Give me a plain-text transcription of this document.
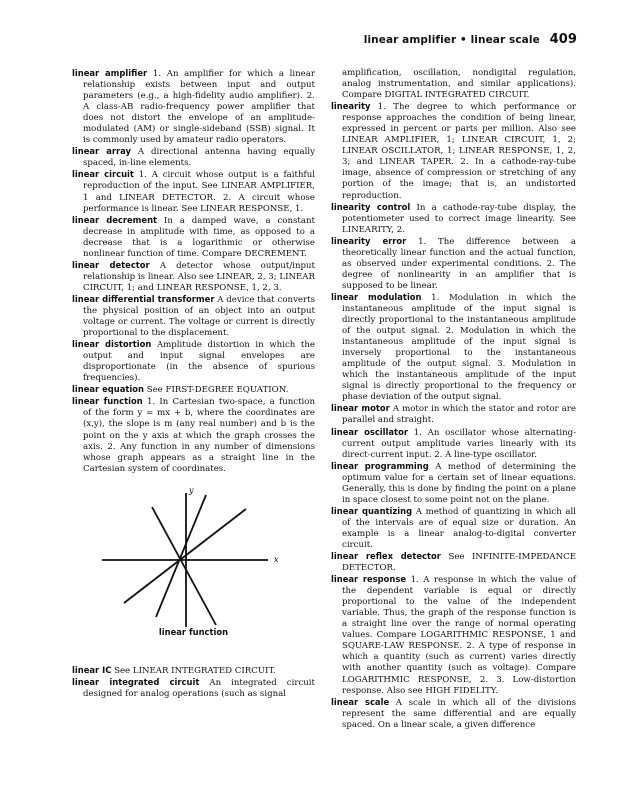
linear amplifier • linear scale 409

linear amplifier 1. An amplifier for which a linear relationship exists between input and output parameters (e.g., a high-fidelity audio amplifier). 2. A class-AB radio-frequency power amplifier that does not distort the envelope of an amplitude-modulated (AM) or single-sideband (SSB) signal. It is commonly used by amateur radio operators.

linear array A directional antenna having equally spaced, in-line elements.

linear circuit 1. A circuit whose output is a faithful reproduction of the input. See LINEAR AMPLIFIER, 1 and LINEAR DETECTOR. 2. A circuit whose performance is linear. See LINEAR RESPONSE, 1.

linear decrement In a damped wave, a constant decrease in amplitude with time, as opposed to a decrease that is a logarithmic or otherwise nonlinear function of time. Compare DECREMENT.

linear detector A detector whose output/input relationship is linear. Also see LINEAR, 2, 3; LINEAR CIRCUIT, 1; and LINEAR RESPONSE, 1, 2, 3.

linear differential transformer A device that converts the physical position of an object into an output voltage or current. The voltage or current is directly proportional to the displacement.

linear distortion Amplitude distortion in which the output and input signal envelopes are disproportionate (in the absence of spurious frequencies).

linear equation See FIRST-DEGREE EQUATION.

linear function 1. In Cartesian two-space, a function of the form y = mx + b, where the coordinates are (x,y), the slope is m (any real number) and b is the point on the y axis at which the graph crosses the axis. 2. Any function in any number of dimensions whose graph appears as a straight line in the Cartesian system of coordinates.

y
x
linear function

linear IC See LINEAR INTEGRATED CIRCUIT.

linear integrated circuit An integrated circuit designed for analog operations (such as signal

amplification, oscillation, nondigital regulation, analog instrumentation, and similar applications). Compare DIGITAL INTEGRATED CIRCUIT.

linearity 1. The degree to which performance or response approaches the condition of being linear, expressed in percent or parts per million. Also see LINEAR AMPLIFIER, 1; LINEAR CIRCUIT, 1, 2; LINEAR OSCILLATOR, 1; LINEAR RESPONSE, 1, 2, 3; and LINEAR TAPER. 2. In a cathode-ray-tube image, absence of compression or stretching of any portion of the image; that is, an undistorted reproduction.

linearity control In a cathode-ray-tube display, the potentiometer used to correct image linearity. See LINEARITY, 2.

linearity error 1. The difference between a theoretically linear function and the actual function, as observed under experimental conditions. 2. The degree of nonlinearity in an amplifier that is supposed to be linear.

linear modulation 1. Modulation in which the instantaneous amplitude of the input signal is directly proportional to the instantaneous amplitude of the output signal. 2. Modulation in which the instantaneous amplitude of the input signal is inversely proportional to the instantaneous amplitude of the output signal. 3. Modulation in which the instantaneous amplitude of the input signal is directly proportional to the frequency or phase deviation of the output signal.

linear motor A motor in which the stator and rotor are parallel and straight.

linear oscillator 1. An oscillator whose alternating-current output amplitude varies linearly with its direct-current input. 2. A line-type oscillator.

linear programming A method of determining the optimum value for a certain set of linear equations. Generally, this is done by finding the point on a plane in space closest to some point not on the plane.

linear quantizing A method of quantizing in which all of the intervals are of equal size or duration. An example is a linear analog-to-digital converter circuit.

linear reflex detector See INFINITE-IMPEDANCE DETECTOR.

linear response 1. A response in which the value of the dependent variable is equal or directly proportional to the value of the independent variable. Thus, the graph of the response function is a straight line over the range of normal operating values. Compare LOGARITHMIC RESPONSE, 1 and SQUARE-LAW RESPONSE. 2. A type of response in which a quantity (such as current) varies directly with another quantity (such as voltage). Compare LOGARITHMIC RESPONSE, 2. 3. Low-distortion response. Also see HIGH FIDELITY.

linear scale A scale in which all of the divisions represent the same differential and are equally spaced. On a linear scale, a given difference
